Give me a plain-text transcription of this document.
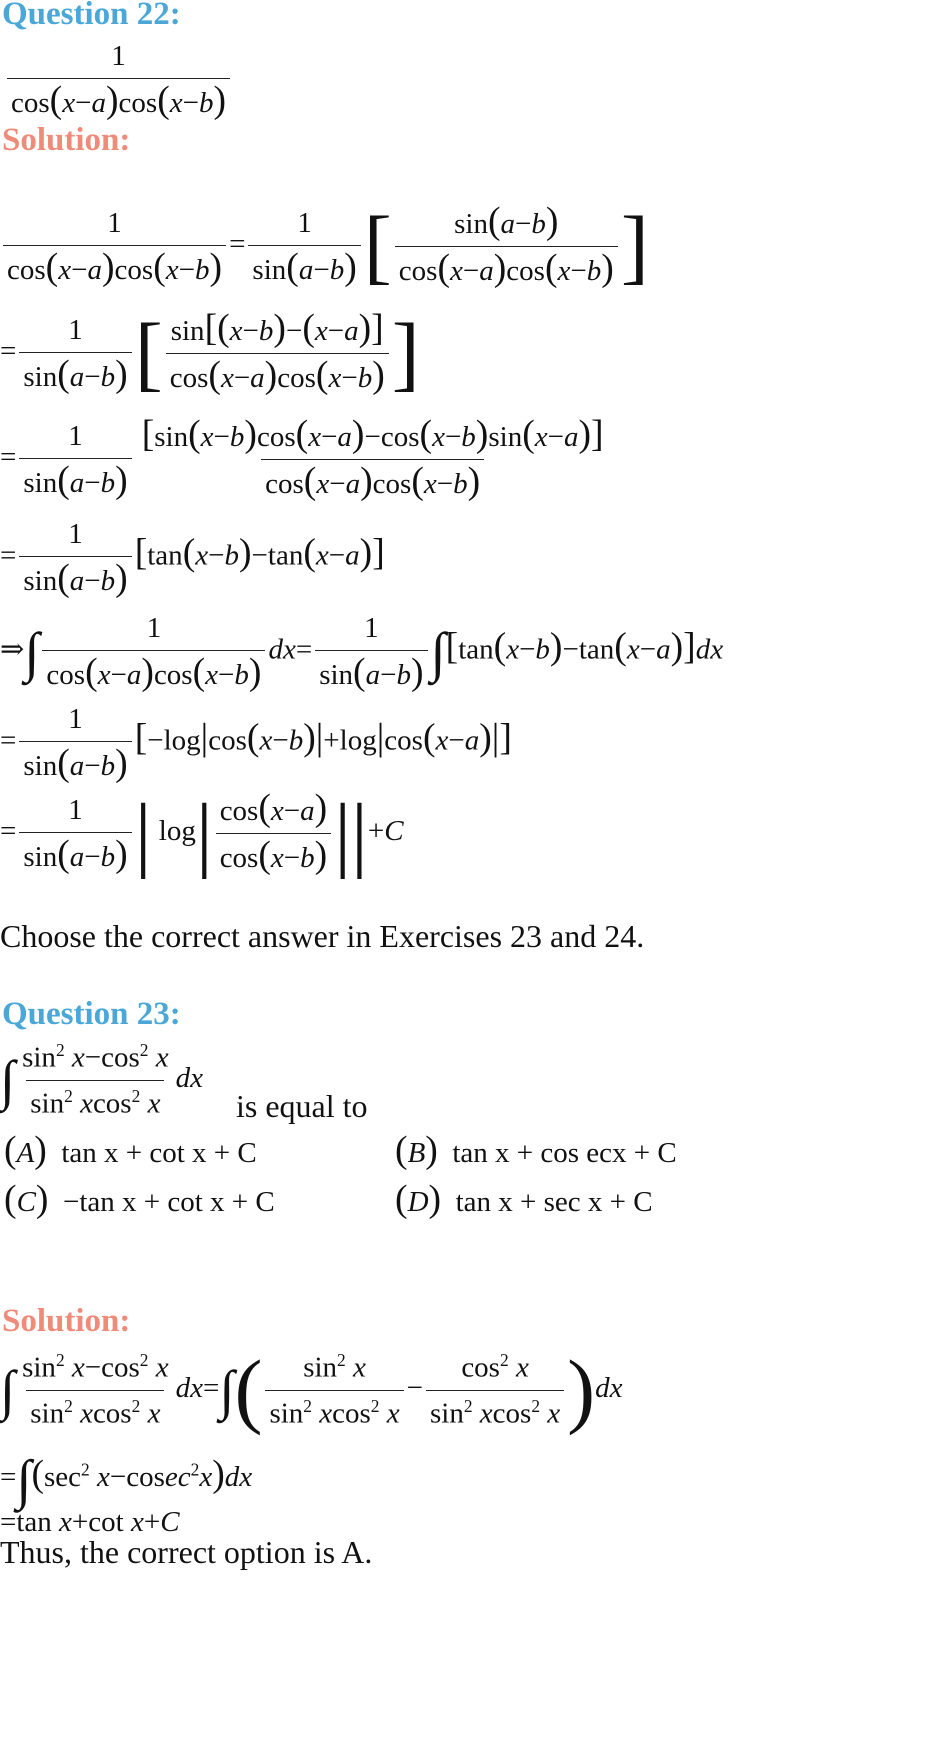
Question 22:
$\frac{1}{\cos(x-a)\cos(x-b)}$
Solution:
$\frac{1}{\cos(x-a)\cos(x-b)} = \frac{1}{\sin(a-b)}$ [ $\frac{\sin(a-b)}{\cos(x-a)\cos(x-b)}$ ]
= $\frac{1}{\sin(a-b)}$ [ $\frac{\sin[(x-b)-(x-a)]}{\cos(x-a)\cos(x-b)}$ ]
= $\frac{1}{\sin(a-b)} \frac{[\sin(x-b)\cos(x-a)-\cos(x-b)\sin(x-a)]}{\cos(x-a)\cos(x-b)}$
= $\frac{1}{\sin(a-b)} [\tan(x-b)-\tan(x-a)]$
⇒∫ $\frac{1}{\cos(x-a)\cos(x-b)} dx= \frac{1}{\sin(a-b)} \int[\tan(x-b)-\tan(x-a)]dx$
= $\frac{1}{\sin(a-b)} [-\log|\cos(x-b)|+\log|\cos(x-a)|]$
= $\frac{1}{\sin(a-b)}$ | $\log| \frac{\cos(x-a)}{\cos(x-b)} ||+C$
Choose the correct answer in Exercises 23 and 24.
Question 23:
∫ $\frac{\sin^2 x-\cos^2 x}{\sin^2 xcos^2 x}$ dx
is equal to
(A) tan x + cot x + C	(B) tan x + cos ecx + C
(C) −tan x + cot x + C	(D) tan x + sec x + C
Solution:
∫ $\frac{\sin^2 x-\cos^2 x}{\sin^2 xcos^2 x} dx=\int( \frac{\sin^2 x}{\sin^2 xcos^2 x} - \frac{\cos^2 x}{\sin^2 xcos^2 x} )dx$
$=\int(\sec^2$ x−cosec$^2$x)dx
=tan x+cot x+C
Thus, the correct option is A.
